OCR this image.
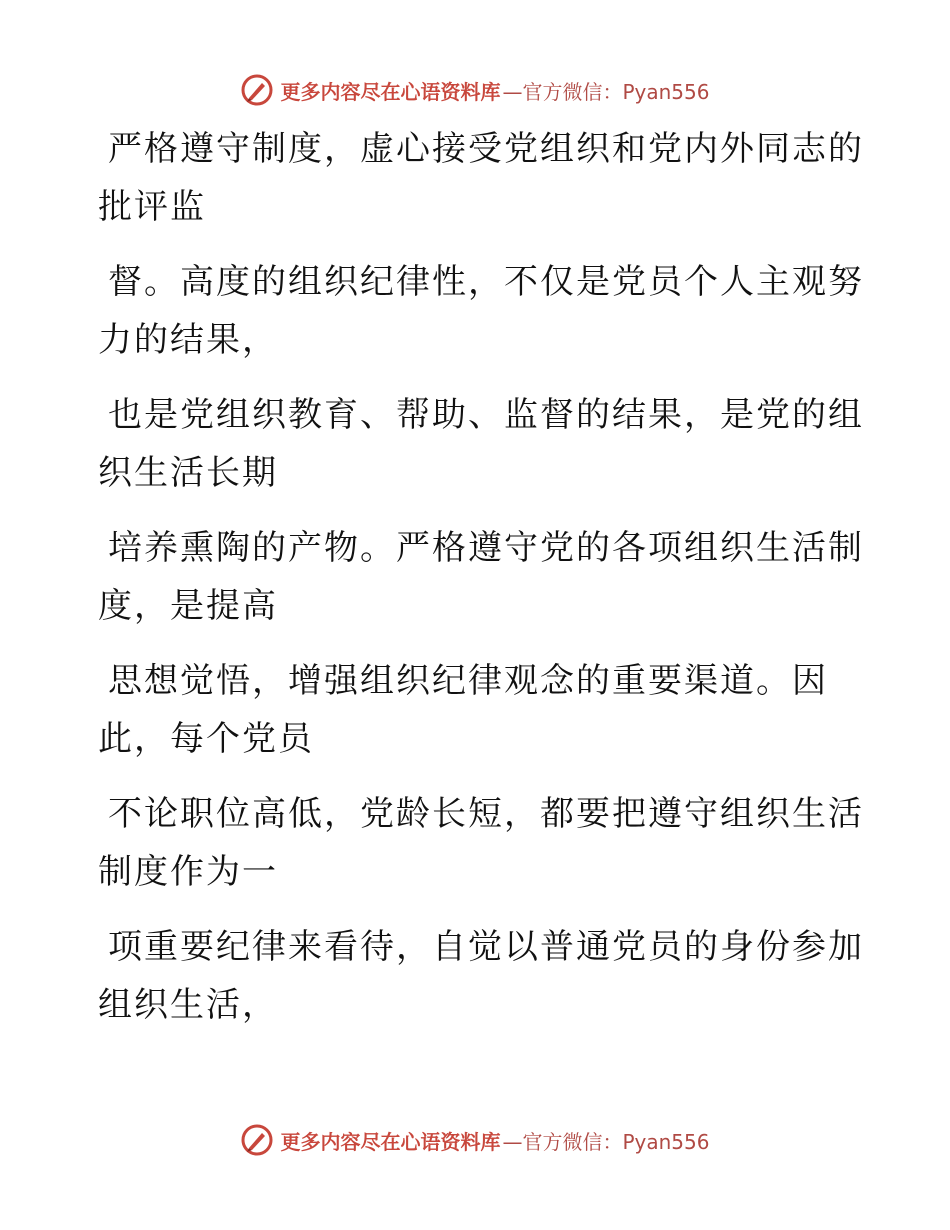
更多内容尽在心语资料库 —官方微信：Pyan556

严格遵守制度，虚心接受党组织和党内外同志的
批评监

督。高度的组织纪律性，不仅是党员个人主观努
力的结果，

也是党组织教育、帮助、监督的结果，是党的组
织生活长期

培养熏陶的产物。严格遵守党的各项组织生活制
度，是提高

思想觉悟，增强组织纪律观念的重要渠道。因
此，每个党员

不论职位高低，党龄长短，都要把遵守组织生活
制度作为一

项重要纪律来看待，自觉以普通党员的身份参加
组织生活，

更多内容尽在心语资料库 —官方微信：Pyan556
